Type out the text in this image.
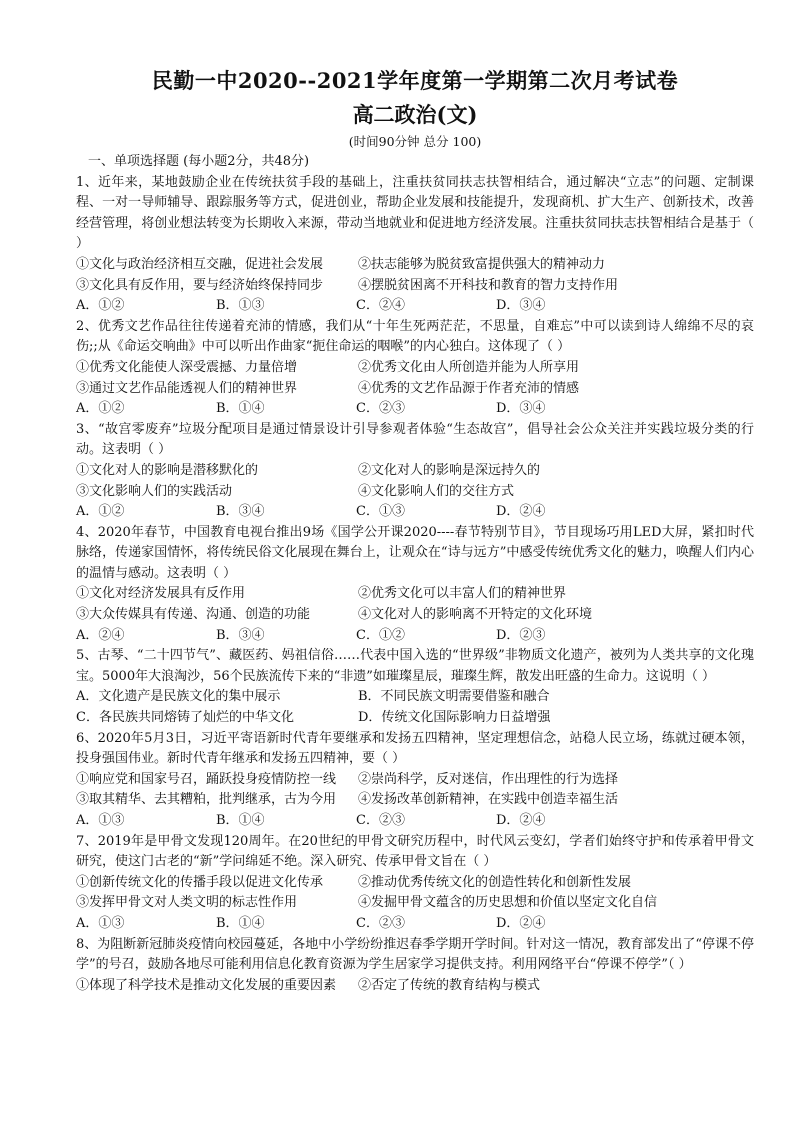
民勤一中2020--2021学年度第一学期第二次月考试卷
高二政治(文)

(时间90分钟 总分 100)

一、单项选择题 (每小题2分，共48分)

1、近年来，某地鼓励企业在传统扶贫手段的基础上，注重扶贫同扶志扶智相结合，通过解决“立志”的问题、定制课程、一对一导师辅导、跟踪服务等方式，促进创业，帮助企业发展和技能提升，发现商机、扩大生产、创新技术，改善经营管理，将创业想法转变为长期收入来源，带动当地就业和促进地方经济发展。注重扶贫同扶志扶智相结合是基于（ ）

①文化与政治经济相互交融，促进社会发展	②扶志能够为脱贫致富提供强大的精神动力
③文化具有反作用，要与经济始终保持同步	④摆脱贫困离不开科技和教育的智力支持作用
A．①②	B．①③	C．②④	D．③④

2、优秀文艺作品往往传递着充沛的情感，我们从“十年生死两茫茫，不思量，自难忘”中可以读到诗人绵绵不尽的哀伤;;从《命运交响曲》中可以听出作曲家“扼住命运的咽喉”的内心独白。这体现了（ ）

①优秀文化能使人深受震撼、力量倍增	②优秀文化由人所创造并能为人所享用
③通过文艺作品能透视人们的精神世界	④优秀的文艺作品源于作者充沛的情感
A．①②	B．①④	C．②③	D．③④

3、“故宫零废弃”垃圾分配项目是通过情景设计引导参观者体验“生态故宫”，倡导社会公众关注并实践垃圾分类的行动。这表明（ ）

①文化对人的影响是潜移默化的	②文化对人的影响是深远持久的
③文化影响人们的实践活动	④文化影响人们的交往方式
A．①②	B．③④	C．①③	D．②④

4、2020年春节，中国教育电视台推出9场《国学公开课2020----春节特别节目》，节目现场巧用LED大屏，紧扣时代脉络，传递家国情怀，将传统民俗文化展现在舞台上，让观众在“诗与远方”中感受传统优秀文化的魅力，唤醒人们内心的温情与感动。这表明（ ）

①文化对经济发展具有反作用	②优秀文化可以丰富人们的精神世界
③大众传媒具有传递、沟通、创造的功能	④文化对人的影响离不开特定的文化环境
A．②④	B．③④	C．①②	D．②③

5、古琴、“二十四节气”、藏医药、妈祖信俗……代表中国入选的“世界级”非物质文化遗产，被列为人类共享的文化瑰宝。5000年大浪淘沙，56个民族流传下来的“非遗”如璀璨星辰，璀璨生辉，散发出旺盛的生命力。这说明（ ）

A．文化遗产是民族文化的集中展示	B．不同民族文明需要借鉴和融合
C．各民族共同熔铸了灿烂的中华文化	D．传统文化国际影响力日益增强

6、2020年5月3日，习近平寄语新时代青年要继承和发扬五四精神，坚定理想信念，站稳人民立场，练就过硬本领，投身强国伟业。新时代青年继承和发扬五四精神，要（ ）

①响应党和国家号召，踊跃投身疫情防控一线	②崇尚科学，反对迷信，作出理性的行为选择
③取其精华、去其糟粕，批判继承，古为今用	④发扬改革创新精神，在实践中创造幸福生活
A．①③	B．①④	C．②③	D．②④

7、2019年是甲骨文发现120周年。在20世纪的甲骨文研究历程中，时代风云变幻，学者们始终守护和传承着甲骨文研究，使这门古老的“新”学问绵延不绝。深入研究、传承甲骨文旨在（ ）

①创新传统文化的传播手段以促进文化传承	②推动优秀传统文化的创造性转化和创新性发展
③发挥甲骨文对人类文明的标志性作用	④发掘甲骨文蕴含的历史思想和价值以坚定文化自信
A．①③	B．①④	C．②③	D．②④

8、为阻断新冠肺炎疫情向校园蔓延，各地中小学纷纷推迟春季学期开学时间。针对这一情况，教育部发出了“停课不停学”的号召，鼓励各地尽可能利用信息化教育资源为学生居家学习提供支持。利用网络平台“停课不停学”（ ）

①体现了科学技术是推动文化发展的重要因素	②否定了传统的教育结构与模式
